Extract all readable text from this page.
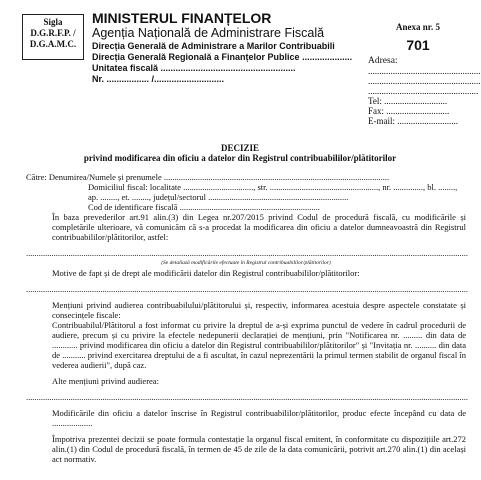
Sigla
D.G.R.F.P. /
D.G.A.M.C.
MINISTERUL FINANȚELOR
Agenția Națională de Administrare Fiscală
Direcția Generală de Administrare a Marilor Contribuabili
Direcția Generală Regională a Finanțelor Publice ....................
Unitatea fiscală ......................................................
Nr. ................. /............................
Anexa nr. 5
701
Adresa:
..................................................
..................................................
.................................................
Tel: ............................
Fax: ............................
E-mail: ...........................
DECIZIE
privind modificarea din oficiu a datelor din Registrul contribuabililor/plătitorilor
Către: Denumirea/Numele și prenumele ..........................................................................................................
Domiciliul fiscal: localitate ................................., str. ..................................................., nr. .............., bl. ........,
ap. ........, et. ........, județul/sectorul ..................................................................
Cod de identificare fiscală ..................................................................
În baza prevederilor art.91 alin.(3) din Legea nr.207/2015 privind Codul de procedură fiscală, cu modificările și completările ulterioare, vă comunicăm că s-a procedat la modificarea din oficiu a datelor dumneavoastră din Registrul contribuabililor/plătitorilor, astfel:
................................................................................................................................................................................................................
(Se detaliază modificările efectuate în Registrul contribuabililor/plătitorilor)
Motive de fapt și de drept ale modificării datelor din Registrul contribuabililor/plătitorilor:
................................................................................................................................................................................................................
Mențiuni privind audierea contribuabilului/plătitorului și, respectiv, informarea acestuia despre aspectele constatate și consecințele fiscale:
Contribuabilul/Plătitorul a fost informat cu privire la dreptul de a-și exprima punctul de vedere în cadrul procedurii de audiere, precum și cu privire la efectele nedepunerii declarației de mențiuni, prin "Notificarea nr. ......... din data de ............ privind modificarea din oficiu a datelor din Registrul contribuabililor/plătitorilor" și "Invitația nr. .......... din data de ........... privind exercitarea dreptului de a fi ascultat, în cazul neprezentării la primul termen stabilit de organul fiscal în vederea audierii", după caz.
Alte mențiuni privind audierea:
................................................................................................................................................................................................................
Modificările din oficiu a datelor înscrise în Registrul contribuabililor/plătitorilor, produc efecte începând cu data de ...................
Împotriva prezentei decizii se poate formula contestație la organul fiscal emitent, în conformitate cu dispozițiile art.272 alin.(1) din Codul de procedură fiscală, în termen de 45 de zile de la data comunicării, potrivit art.270 alin.(1) din același act normativ.
